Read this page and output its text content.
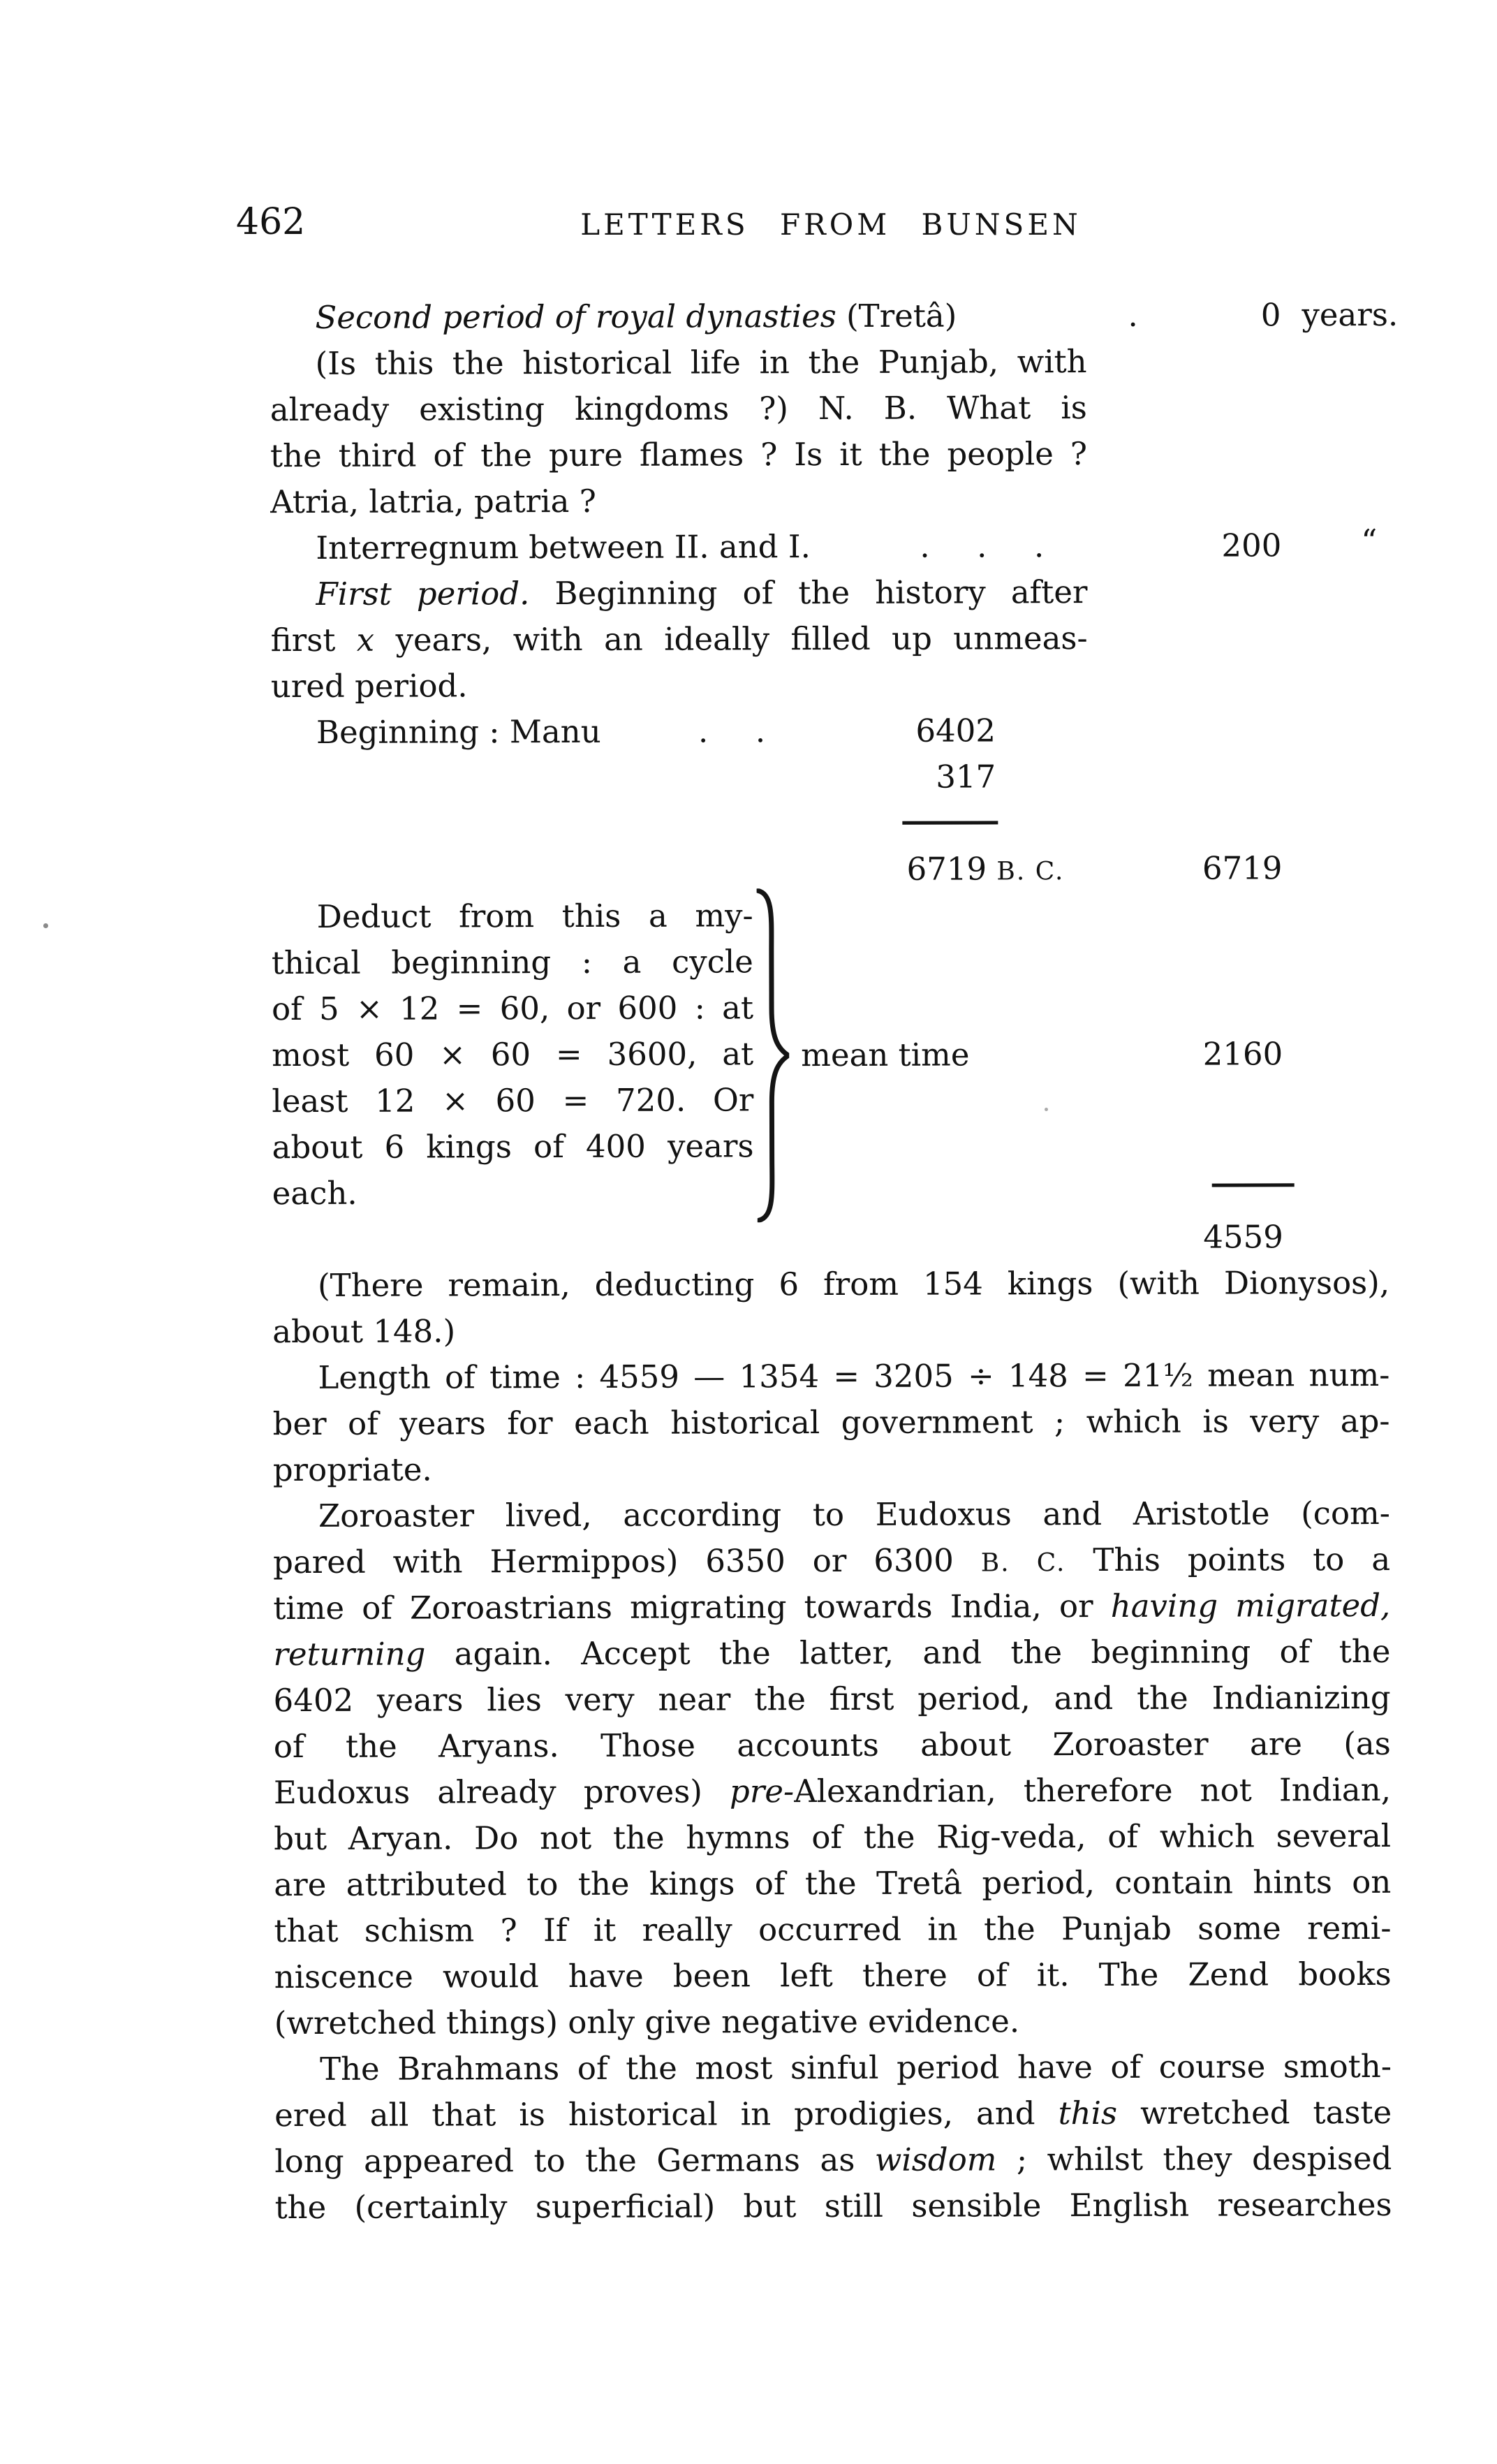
462	LETTERS FROM BUNSEN
Second period of royal dynasties (Tretâ)	.	0 years.
(Is this the historical life in the Punjab, with
already existing kingdoms ?) N. B. What is
the third of the pure flames ? Is it the people ?
Atria, latria, patria ?
Interregnum between II. and I.	.  .  .	200	“
First period. Beginning of the history after
first x years, with an ideally filled up unmeas-
ured period.
Beginning : Manu	.  .	6402
317
6719 B. C.	6719
Deduct from this a my-
thical beginning : a cycle
of 5 × 12 = 60, or 600 : at
most 60 × 60 = 3600, at
least 12 × 60 = 720. Or
about 6 kings of 400 years
each.
mean time	2160
4559
(There remain, deducting 6 from 154 kings (with Dionysos),
about 148.)
Length of time : 4559 — 1354 = 3205 ÷ 148 = 21½ mean num-
ber of years for each historical government ; which is very ap-
propriate.
Zoroaster lived, according to Eudoxus and Aristotle (com-
pared with Hermippos) 6350 or 6300 B. C. This points to a
time of Zoroastrians migrating towards India, or having migrated,
returning again. Accept the latter, and the beginning of the
6402 years lies very near the first period, and the Indianizing
of the Aryans. Those accounts about Zoroaster are (as
Eudoxus already proves) pre-Alexandrian, therefore not Indian,
but Aryan. Do not the hymns of the Rig-veda, of which several
are attributed to the kings of the Tretâ period, contain hints on
that schism ? If it really occurred in the Punjab some remi-
niscence would have been left there of it. The Zend books
(wretched things) only give negative evidence.
The Brahmans of the most sinful period have of course smoth-
ered all that is historical in prodigies, and this wretched taste
long appeared to the Germans as wisdom ; whilst they despised
the (certainly superficial) but still sensible English researches
